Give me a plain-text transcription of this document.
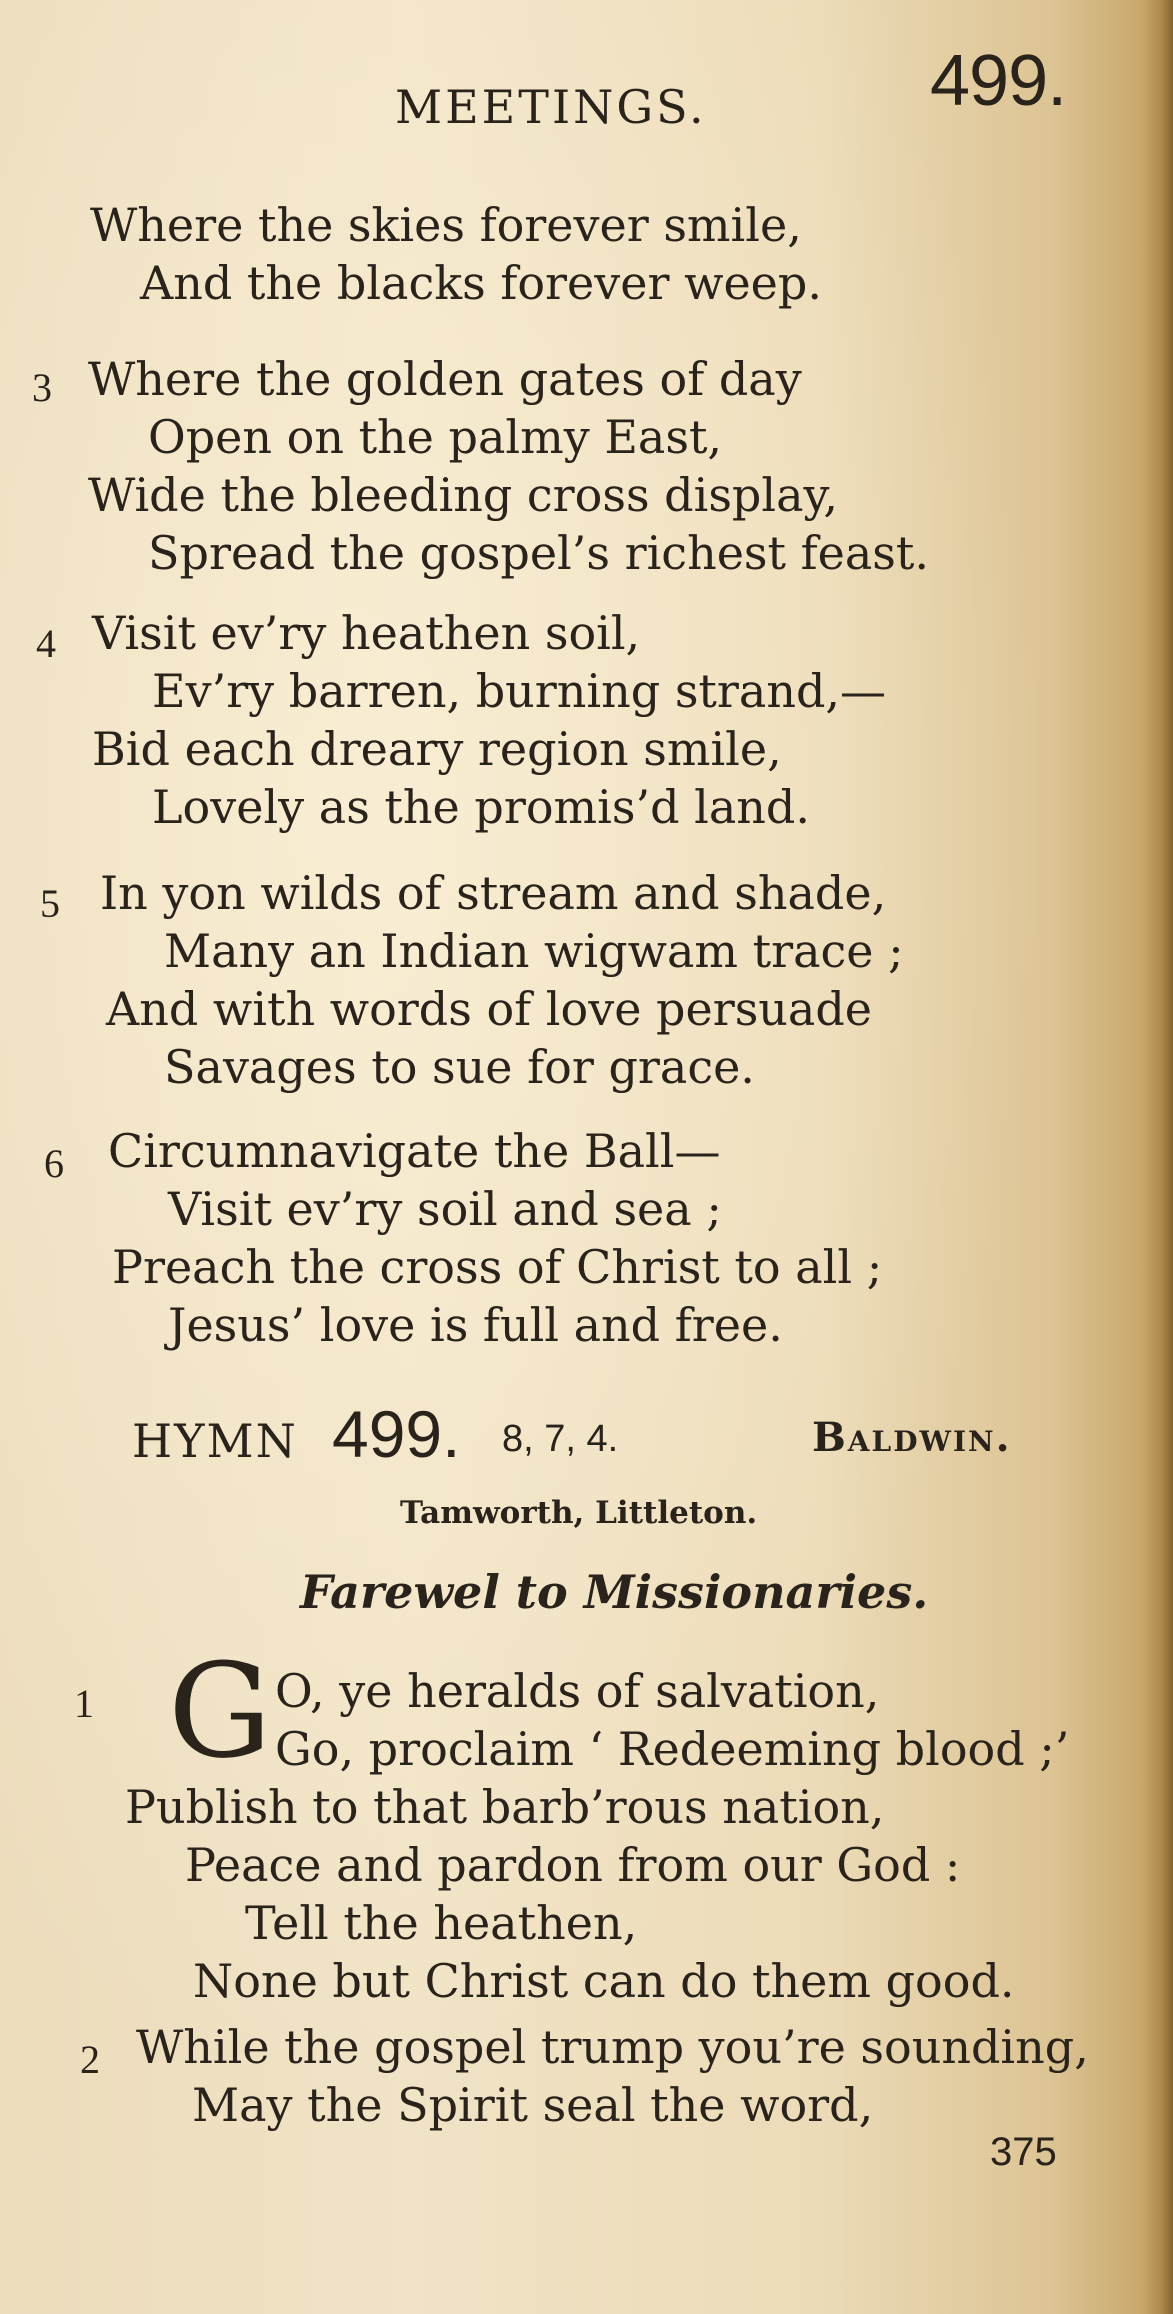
MEETINGS.	499.
Where the skies forever smile,
And the blacks forever weep.
3 Where the golden gates of day
Open on the palmy East,
Wide the bleeding cross display,
Spread the gospel’s richest feast.
4 Visit ev’ry heathen soil,
Ev’ry barren, burning strand,—
Bid each dreary region smile,
Lovely as the promis’d land.
5 In yon wilds of stream and shade,
Many an Indian wigwam trace ;
And with words of love persuade
Savages to sue for grace.
6 Circumnavigate the Ball—
Visit ev’ry soil and sea ;
Preach the cross of Christ to all ;
Jesus’ love is full and free.
HYMN 499. 8, 7, 4.	Baldwin.
Tamworth, Littleton.
Farewel to Missionaries.
1 G O, ye heralds of salvation,
Go, proclaim ‘ Redeeming blood ;’
Publish to that barb’rous nation,
Peace and pardon from our God :
Tell the heathen,
None but Christ can do them good.
2 While the gospel trump you’re sounding,
May the Spirit seal the word,
375
